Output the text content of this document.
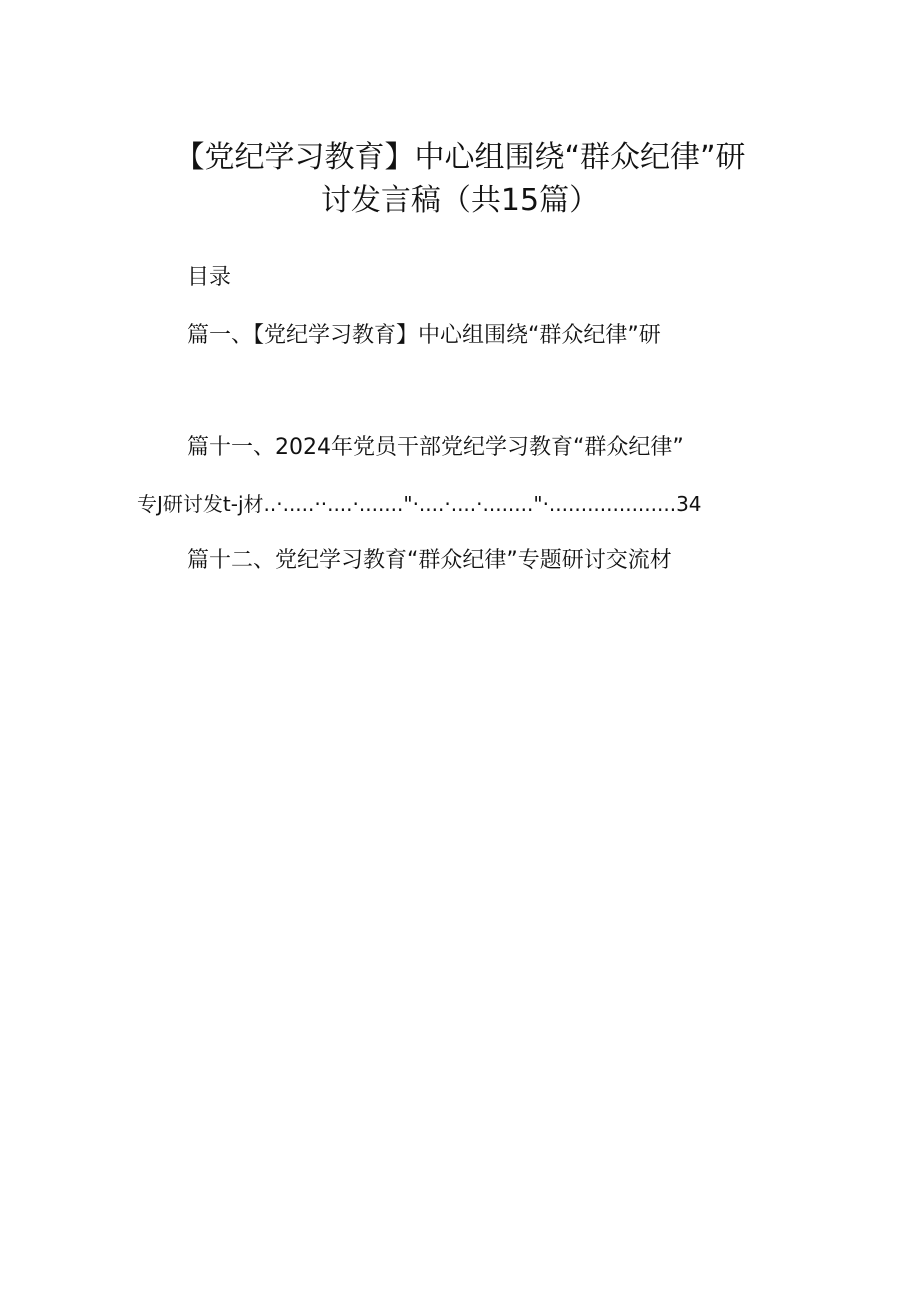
【党纪学习教育】中心组围绕“群众纪律”研
讨发言稿（共15篇）
目录
篇一、【党纪学习教育】中心组围绕“群众纪律”研
篇十一、2024年党员干部党纪学习教育“群众纪律”
专J研讨发t-j材..·.....··....·......."·....·....·........"·....................34
篇十二、党纪学习教育“群众纪律”专题研讨交流材
